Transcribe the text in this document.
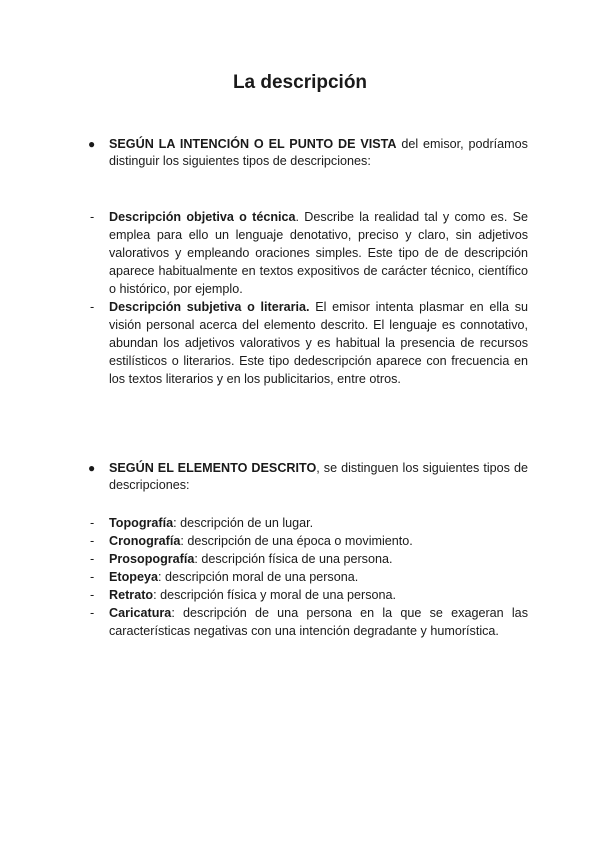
La descripción

● SEGÚN LA INTENCIÓN O EL PUNTO DE VISTA del emisor, podríamos distinguir los siguientes tipos de descripciones:

- Descripción objetiva o técnica. Describe la realidad tal y como es. Se emplea para ello un lenguaje denotativo, preciso y claro, sin adjetivos valorativos y empleando oraciones simples. Este tipo de de descripción aparece habitualmente en textos expositivos de carácter técnico, científico o histórico, por ejemplo.
- Descripción subjetiva o literaria. El emisor intenta plasmar en ella su visión personal acerca del elemento descrito. El lenguaje es connotativo, abundan los adjetivos valorativos y es habitual la presencia de recursos estilísticos o literarios. Este tipo dedescripción aparece con frecuencia en los textos literarios y en los publicitarios, entre otros.

● SEGÚN EL ELEMENTO DESCRITO, se distinguen los siguientes tipos de descripciones:

- Topografía: descripción de un lugar.
- Cronografía: descripción de una época o movimiento.
- Prosopografía: descripción física de una persona.
- Etopeya: descripción moral de una persona.
- Retrato: descripción física y moral de una persona.
- Caricatura: descripción de una persona en la que se exageran las características negativas con una intención degradante y humorística.
